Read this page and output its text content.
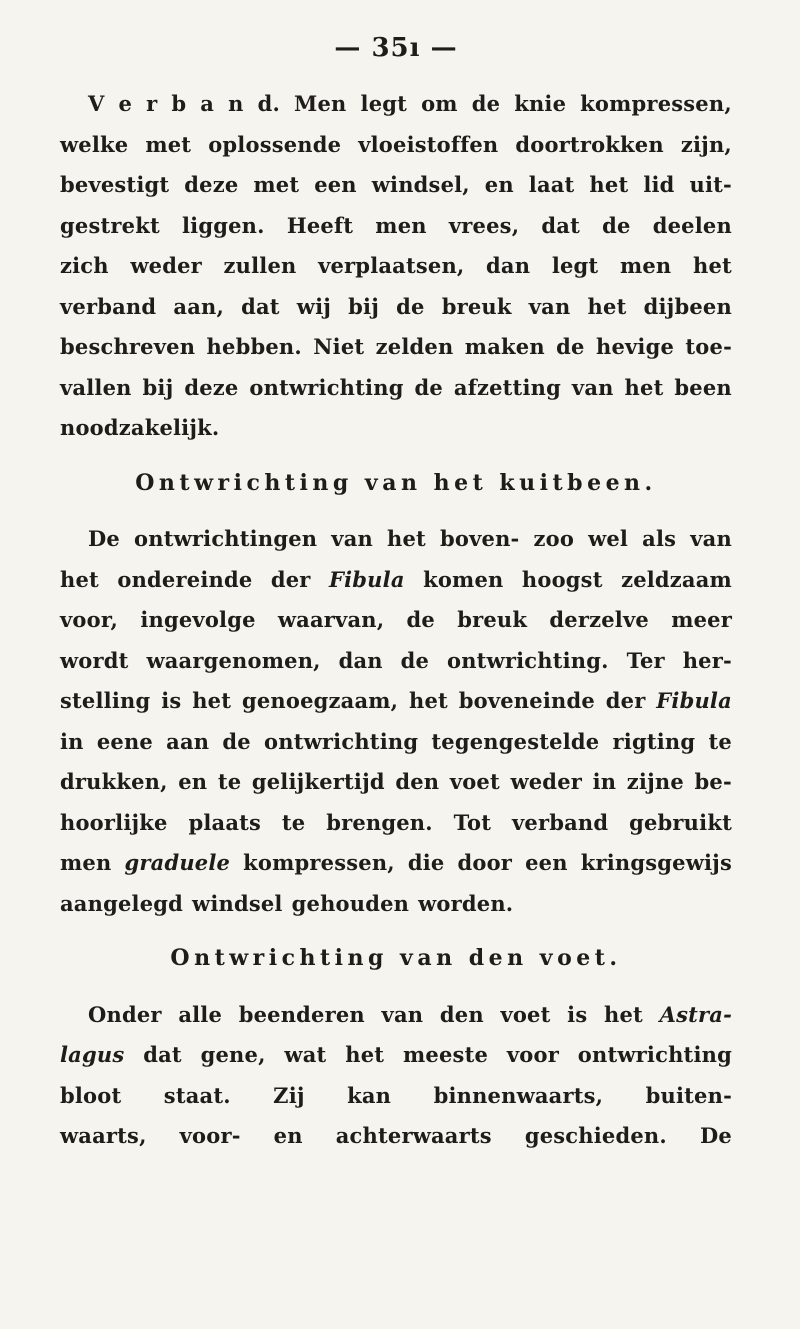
— 35ı —
V e r b a n d. Men legt om de knie kompressen,
welke met oplossende vloeistoffen doortrokken zijn,
bevestigt deze met een windsel, en laat het lid uit-
gestrekt liggen. Heeft men vrees, dat de deelen
zich weder zullen verplaatsen, dan legt men het
verband aan, dat wij bij de breuk van het dijbeen
beschreven hebben. Niet zelden maken de hevige toe-
vallen bij deze ontwrichting de afzetting van het been
noodzakelijk.
Ontwrichting van het kuitbeen.
De ontwrichtingen van het boven- zoo wel als van
het ondereinde der Fibula komen hoogst zeldzaam
voor, ingevolge waarvan, de breuk derzelve meer
wordt waargenomen, dan de ontwrichting. Ter her-
stelling is het genoegzaam, het boveneinde der Fibula
in eene aan de ontwrichting tegengestelde rigting te
drukken, en te gelijkertijd den voet weder in zijne be-
hoorlijke plaats te brengen. Tot verband gebruikt
men graduele kompressen, die door een kringsgewijs
aangelegd windsel gehouden worden.
Ontwrichting van den voet.
Onder alle beenderen van den voet is het Astra-
lagus dat gene, wat het meeste voor ontwrichting
bloot staat. Zij kan binnenwaarts, buiten-
waarts, voor- en achterwaarts geschieden. De
